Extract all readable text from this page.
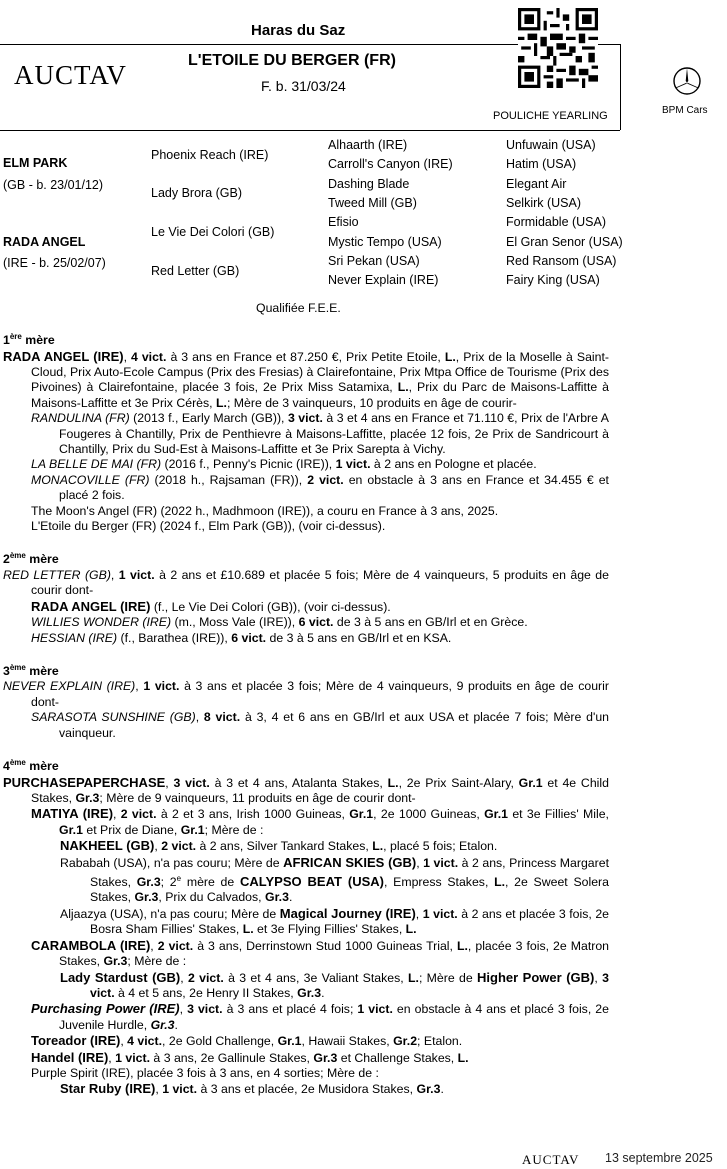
Haras du Saz
L'ETOILE DU BERGER (FR)
F. b. 31/03/24
AUCTAV
POULICHE YEARLING	BPM Cars
ELM PARK
(GB - b. 23/01/12)
RADA ANGEL
(IRE - b. 25/02/07)
Phoenix Reach (IRE)
Lady Brora (GB)
Le Vie Dei Colori (GB)
Red Letter (GB)
Alhaarth (IRE)
Carroll's Canyon (IRE)
Dashing Blade
Tweed Mill (GB)
Efisio
Mystic Tempo (USA)
Sri Pekan (USA)
Never Explain (IRE)
Unfuwain (USA)
Hatim (USA)
Elegant Air
Selkirk (USA)
Formidable (USA)
El Gran Senor (USA)
Red Ransom (USA)
Fairy King (USA)
Qualifiée F.E.E.

1ère mère

RADA ANGEL (IRE), 4 vict. à 3 ans en France et 87.250 €, Prix Petite Etoile, L., Prix de la Moselle à Saint-Cloud, Prix Auto-Ecole Campus (Prix des Fresias) à Clairefontaine, Prix Mtpa Office de Tourisme (Prix des Pivoines) à Clairefontaine, placée 3 fois, 2e Prix Miss Satamixa, L., Prix du Parc de Maisons-Laffitte à Maisons-Laffitte et 3e Prix Cérès, L.; Mère de 3 vainqueurs, 10 produits en âge de courir-

RANDULINA (FR) (2013 f., Early March (GB)), 3 vict. à 3 et 4 ans en France et 71.110 €, Prix de l'Arbre A Fougeres à Chantilly, Prix de Penthievre à Maisons-Laffitte, placée 12 fois, 2e Prix de Sandricourt à Chantilly, Prix du Sud-Est à Maisons-Laffitte et 3e Prix Sarepta à Vichy.

LA BELLE DE MAI (FR) (2016 f., Penny's Picnic (IRE)), 1 vict. à 2 ans en Pologne et placée.

MONACOVILLE (FR) (2018 h., Rajsaman (FR)), 2 vict. en obstacle à 3 ans en France et 34.455 € et placé 2 fois.

The Moon's Angel (FR) (2022 h., Madhmoon (IRE)), a couru en France à 3 ans, 2025.

L'Etoile du Berger (FR) (2024 f., Elm Park (GB)), (voir ci-dessus).

2ème mère

RED LETTER (GB), 1 vict. à 2 ans et £10.689 et placée 5 fois; Mère de 4 vainqueurs, 5 produits en âge de courir dont-

RADA ANGEL (IRE) (f., Le Vie Dei Colori (GB)), (voir ci-dessus).

WILLIES WONDER (IRE) (m., Moss Vale (IRE)), 6 vict. de 3 à 5 ans en GB/Irl et en Grèce.

HESSIAN (IRE) (f., Barathea (IRE)), 6 vict. de 3 à 5 ans en GB/Irl et en KSA.

3ème mère

NEVER EXPLAIN (IRE), 1 vict. à 3 ans et placée 3 fois; Mère de 4 vainqueurs, 9 produits en âge de courir dont-

SARASOTA SUNSHINE (GB), 8 vict. à 3, 4 et 6 ans en GB/Irl et aux USA et placée 7 fois; Mère d'un vainqueur.

4ème mère

PURCHASEPAPERCHASE, 3 vict. à 3 et 4 ans, Atalanta Stakes, L., 2e Prix Saint-Alary, Gr.1 et 4e Child Stakes, Gr.3; Mère de 9 vainqueurs, 11 produits en âge de courir dont-

MATIYA (IRE), 2 vict. à 2 et 3 ans, Irish 1000 Guineas, Gr.1, 2e 1000 Guineas, Gr.1 et 3e Fillies' Mile, Gr.1 et Prix de Diane, Gr.1; Mère de :

NAKHEEL (GB), 2 vict. à 2 ans, Silver Tankard Stakes, L., placé 5 fois; Etalon.

Rababah (USA), n'a pas couru; Mère de AFRICAN SKIES (GB), 1 vict. à 2 ans, Princess Margaret Stakes, Gr.3; 2e mère de CALYPSO BEAT (USA), Empress Stakes, L., 2e Sweet Solera Stakes, Gr.3, Prix du Calvados, Gr.3.

Aljaazya (USA), n'a pas couru; Mère de Magical Journey (IRE), 1 vict. à 2 ans et placée 3 fois, 2e Bosra Sham Fillies' Stakes, L. et 3e Flying Fillies' Stakes, L.

CARAMBOLA (IRE), 2 vict. à 3 ans, Derrinstown Stud 1000 Guineas Trial, L., placée 3 fois, 2e Matron Stakes, Gr.3; Mère de :

Lady Stardust (GB), 2 vict. à 3 et 4 ans, 3e Valiant Stakes, L.; Mère de Higher Power (GB), 3 vict. à 4 et 5 ans, 2e Henry II Stakes, Gr.3.

Purchasing Power (IRE), 3 vict. à 3 ans et placé 4 fois; 1 vict. en obstacle à 4 ans et placé 3 fois, 2e Juvenile Hurdle, Gr.3.

Toreador (IRE), 4 vict., 2e Gold Challenge, Gr.1, Hawaii Stakes, Gr.2; Etalon.

Handel (IRE), 1 vict. à 3 ans, 2e Gallinule Stakes, Gr.3 et Challenge Stakes, L.

Purple Spirit (IRE), placée 3 fois à 3 ans, en 4 sorties; Mère de :

Star Ruby (IRE), 1 vict. à 3 ans et placée, 2e Musidora Stakes, Gr.3.

AUCTAV 13 septembre 2025
